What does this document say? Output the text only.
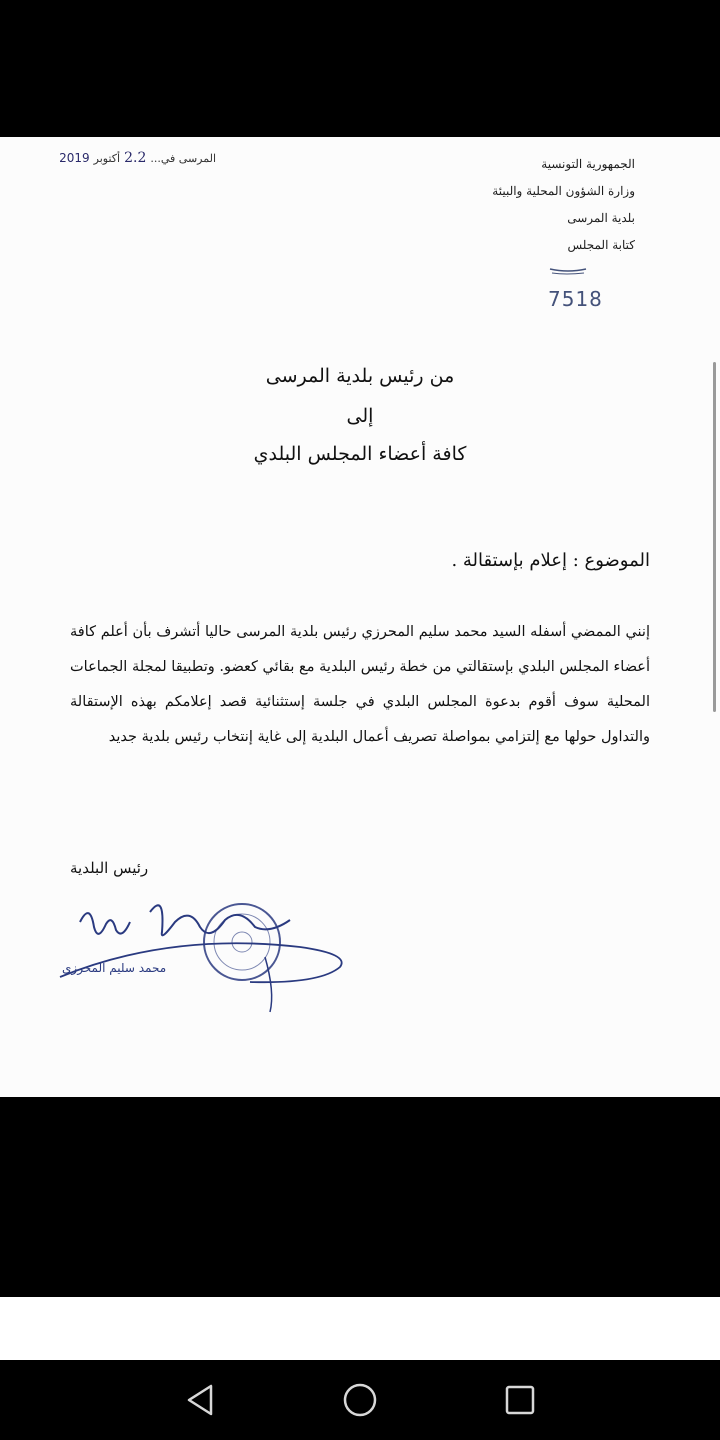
المرسى في...
2.2
أكتوبر
2019	الجمهورية التونسية
وزارة الشؤون المحلية والبيئة
بلدية المرسى
كتابة المجلس
7518
من رئيس بلدية المرسى
إلى
كافة أعضاء المجلس البلدي
الموضوع : إعلام بإستقالة .
إنني الممضي أسفله السيد محمد سليم المحرزي رئيس بلدية المرسى حاليا أتشرف بأن أعلم كافة أعضاء المجلس البلدي بإستقالتي من خطة رئيس البلدية مع بقائي كعضو. وتطبيقا لمجلة الجماعات المحلية سوف أقوم بدعوة المجلس البلدي في جلسة إستثنائية قصد إعلامكم بهذه الإستقالة والتداول حولها مع إلتزامي بمواصلة تصريف أعمال البلدية إلى غاية إنتخاب رئيس بلدية جديد
رئيس البلدية
محمد سليم المحرزي
